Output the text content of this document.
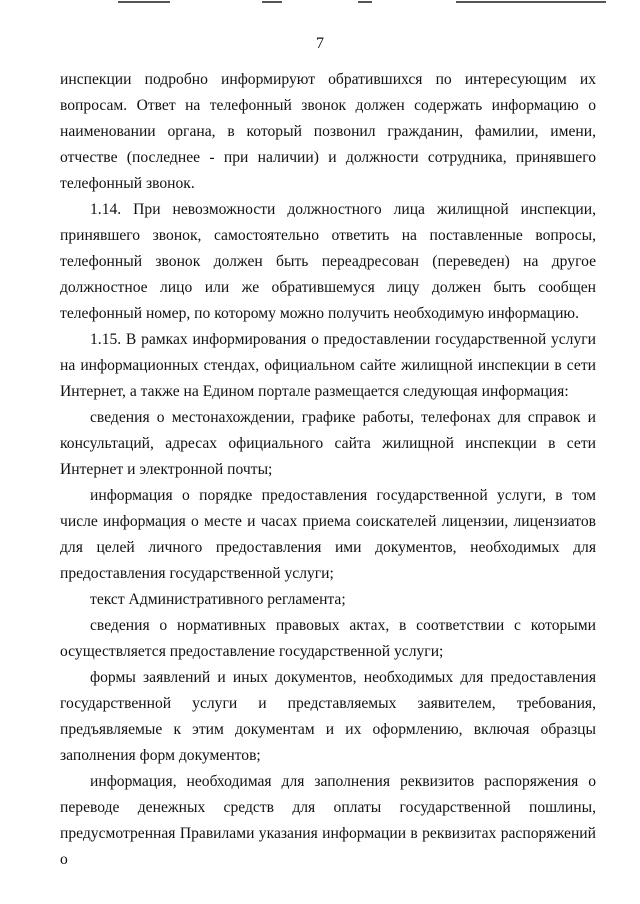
7

инспекции подробно информируют обратившихся по интересующим их вопросам. Ответ на телефонный звонок должен содержать информацию о наименовании органа, в который позвонил гражданин, фамилии, имени, отчестве (последнее - при наличии) и должности сотрудника, принявшего телефонный звонок.

1.14. При невозможности должностного лица жилищной инспекции, принявшего звонок, самостоятельно ответить на поставленные вопросы, телефонный звонок должен быть переадресован (переведен) на другое должностное лицо или же обратившемуся лицу должен быть сообщен телефонный номер, по которому можно получить необходимую информацию.

1.15. В рамках информирования о предоставлении государственной услуги на информационных стендах, официальном сайте жилищной инспекции в сети Интернет, а также на Едином портале размещается следующая информация:

сведения о местонахождении, графике работы, телефонах для справок и консультаций, адресах официального сайта жилищной инспекции в сети Интернет и электронной почты;

информация о порядке предоставления государственной услуги, в том числе информация о месте и часах приема соискателей лицензии, лицензиатов для целей личного предоставления ими документов, необходимых для предоставления государственной услуги;

текст Административного регламента;

сведения о нормативных правовых актах, в соответствии с которыми осуществляется предоставление государственной услуги;

формы заявлений и иных документов, необходимых для предоставления государственной услуги и представляемых заявителем, требования, предъявляемые к этим документам и их оформлению, включая образцы заполнения форм документов;

информация, необходимая для заполнения реквизитов распоряжения о переводе денежных средств для оплаты государственной пошлины, предусмотренная Правилами указания информации в реквизитах распоряжений о
